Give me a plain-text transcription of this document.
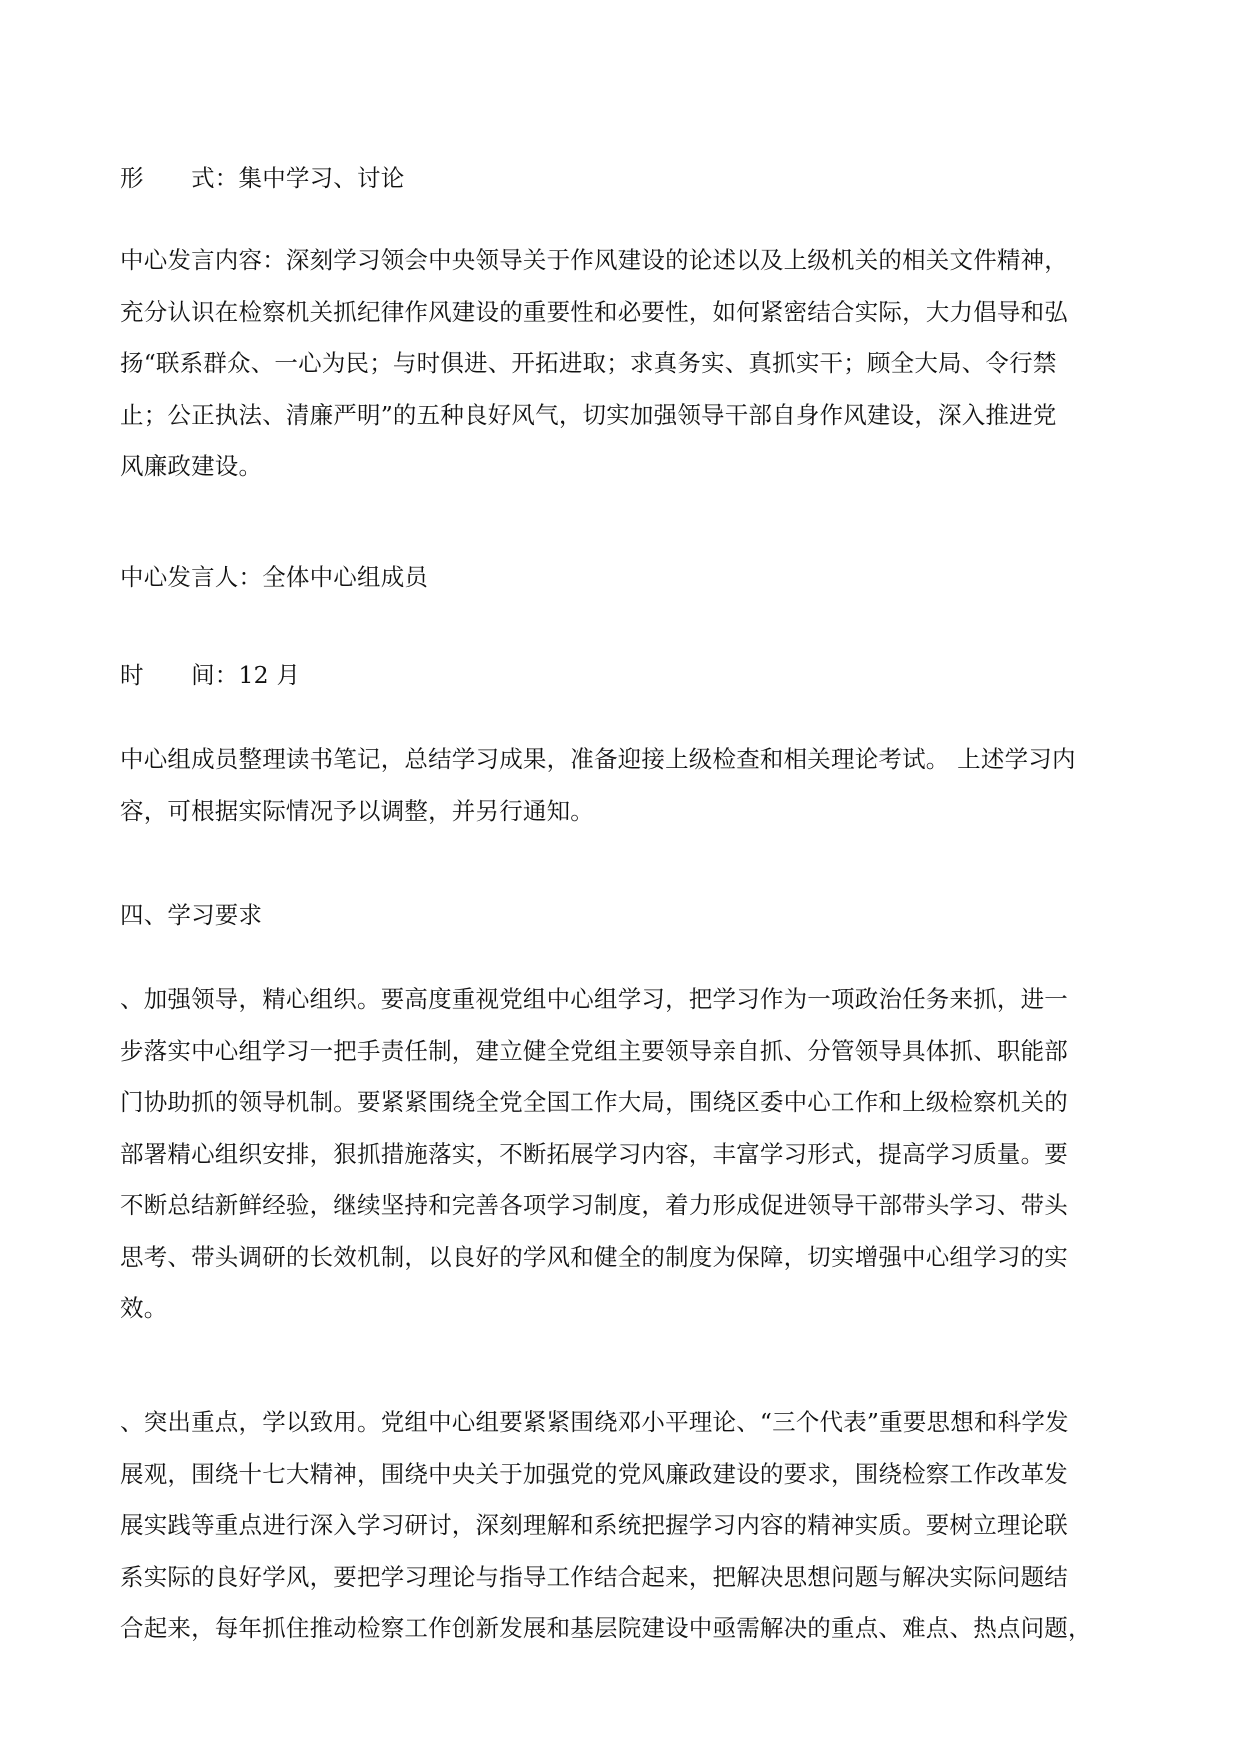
形　　式：集中学习、讨论

中心发言内容：深刻学习领会中央领导关于作风建设的论述以及上级机关的相关文件精神，
充分认识在检察机关抓纪律作风建设的重要性和必要性，如何紧密结合实际，大力倡导和弘
扬“联系群众、一心为民；与时俱进、开拓进取；求真务实、真抓实干；顾全大局、令行禁
止；公正执法、清廉严明”的五种良好风气，切实加强领导干部自身作风建设，深入推进党
风廉政建设。

中心发言人：全体中心组成员

时　　间：12 月

中心组成员整理读书笔记，总结学习成果，准备迎接上级检查和相关理论考试。 上述学习内
容，可根据实际情况予以调整，并另行通知。

四、学习要求

、加强领导，精心组织。要高度重视党组中心组学习，把学习作为一项政治任务来抓，进一
步落实中心组学习一把手责任制，建立健全党组主要领导亲自抓、分管领导具体抓、职能部
门协助抓的领导机制。要紧紧围绕全党全国工作大局，围绕区委中心工作和上级检察机关的
部署精心组织安排，狠抓措施落实，不断拓展学习内容，丰富学习形式，提高学习质量。要
不断总结新鲜经验，继续坚持和完善各项学习制度，着力形成促进领导干部带头学习、带头
思考、带头调研的长效机制，以良好的学风和健全的制度为保障，切实增强中心组学习的实
效。
、突出重点，学以致用。党组中心组要紧紧围绕邓小平理论、“三个代表”重要思想和科学发
展观，围绕十七大精神，围绕中央关于加强党的党风廉政建设的要求，围绕检察工作改革发
展实践等重点进行深入学习研讨，深刻理解和系统把握学习内容的精神实质。要树立理论联
系实际的良好学风，要把学习理论与指导工作结合起来，把解决思想问题与解决实际问题结
合起来，每年抓住推动检察工作创新发展和基层院建设中亟需解决的重点、难点、热点问题，
